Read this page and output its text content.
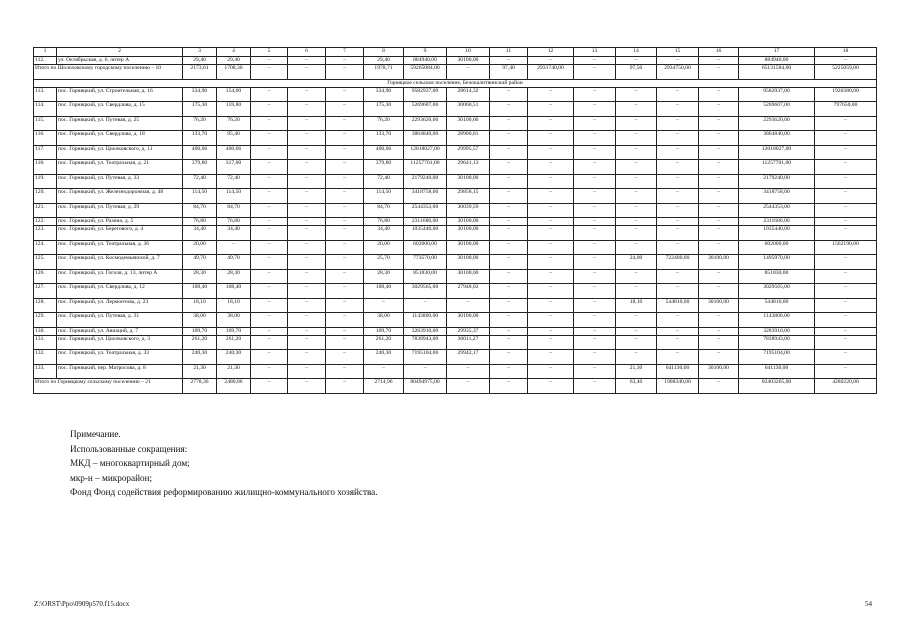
1	2	3	4	5	6	7	8	9	10	11	12	13	14	15	16	17	18
112.	ул. Октябрьская, д. 6, литер А	29,40	29,40	–	–	–	29,40	884940,00	30100,00	–	–	–	–	–	–	884940,00	–
Итого по Шолоховскому городскому поселению – 10		2173,61	1708,30	–	–	–	1978,71	59265084,00	–	97,40	2931740,00	–	97,50	2934750,00	–	65131584,00	5225059,00
Горняцкое сельское поселение, Белокалитвинский район																	
113.	пос. Горняцкий, ул. Строительная, д. 16	334,90	154,00	–	–	–	334,90	9582937,00	28614,32	–	–	–	–	–	–	9582937,00	1920380,00
114.	пос. Горняцкий, ул. Свердлова, д. 15	175,30	159,80	–	–	–	175,30	5269607,00	30060,51	–	–	–	–	–	–	5269607,00	797650,00
115.	пос. Горняцкий, ул. Путевая, д. 25	76,20	76,20	–	–	–	76,20	2293620,00	30100,00	–	–	–	–	–	–	2293620,00	–
116.	пос. Горняцкий, ул. Свердлова, д. 18	133,70	95,40	–	–	–	133,70	3864840,00	28906,81	–	–	–	–	–	–	3864840,00	–
117.	пос. Горняцкий, ул. Циолковского, д. 11	400,66	400,66	–	–	–	400,66	12018027,00	29995,57	–	–	–	–	–	–	12018027,00	–
118.	пос. Горняцкий, ул. Театральная, д. 21	379,80	317,00	–	–	–	379,80	11257701,00	29641,13	–	–	–	–	–	–	11257701,00	–
119.	пос. Горняцкий, ул. Путевая, д. 33	72,40	72,40	–	–	–	72,40	2179240,00	30100,00	–	–	–	–	–	–	2179240,00	–
120.	пос. Горняцкий, ул. Железнодорожная, д. 48	114,50	114,50	–	–	–	114,50	3418758,00	29858,15	–	–	–	–	–	–	3418758,00	–
121.	пос. Горняцкий, ул. Путевая, д. 29	84,70	84,70	–	–	–	84,70	2544353,00	30039,59	–	–	–	–	–	–	2544353,00	–
122.	пос. Горняцкий, ул. Разина, д. 5	76,80	76,80	–	–	–	76,80	2311680,00	30100,00	–	–	–	–	–	–	2311680,00	–
123.	пос. Горняцкий, ул. Берегового, д. 4	34,40	34,40	–	–	–	34,40	1035440,00	30100,00	–	–	–	–	–	–	1035440,00	–
124.	пос. Горняцкий, ул. Театральная, д. 36	20,00	–	–	–	–	20,00	602000,00	30100,00	–	–	–	–	–	–	602000,00	1562190,00
125.	пос. Горняцкий, ул. Космодемьянской, д. 7	49,70	49,70	–	–	–	25,70	773570,00	30100,00	–	–	–	24,00	722400,00	30100,00	1495970,00	–
126.	пос. Горняцкий, ул. Гоголя, д. 13, литер А	28,30	28,30	–	–	–	28,30	851830,00	30100,00	–	–	–	–	–	–	851830,00	–
127.	пос. Горняцкий, ул. Свердлова, д. 12	108,40	108,40	–	–	–	108,40	3029565,00	27948,02	–	–	–	–	–	–	3029565,00	–
128.	пос. Горняцкий, ул. Лермонтова, д. 23	18,10	18,10	–	–	–	–	–	–	–	–	–	18,10	544810,00	30100,00	544810,00	–
129.	пос. Горняцкий, ул. Путевая, д. 31	38,00	38,00	–	–	–	38,00	1143800,00	30100,00	–	–	–	–	–	–	1143800,00	–
130.	пос. Горняцкий, ул. Авиаций, д. 7	109,70	109,70	–	–	–	109,70	3283910,00	29935,37	–	–	–	–	–	–	3283910,00	–
131.	пос. Горняцкий, ул. Циолковского, д. 3	261,20	261,20	–	–	–	261,20	7838943,00	30011,27	–	–	–	–	–	–	7838943,00	–
132.	пос. Горняцкий, ул. Театральная, д. 33	240,30	240,30	–	–	–	240,30	7195104,00	29942,17	–	–	–	–	–	–	7195104,00	–
133.	пос. Горняцкий, пер. Матросова, д. 8	21,30	21,30	–	–	–	–	–	–	–	–	–	21,30	641130,00	30100,00	641130,00	–
Итого по Горняцкому сельскому поселению – 21		2778,36	2480,86	–	–	–	2714,96	80494975,00	–	–	–	–	63,40	1908340,00	–	82403265,00	4280220,00
Примечание.
Использованные сокращения:
МКД – многоквартирный дом;
мкр-н – микрорайон;
Фонд Фонд содействия реформированию жилищно-коммунального хозяйства.
Z:\ORST\Ppo\0909p570.f15.docx	54
